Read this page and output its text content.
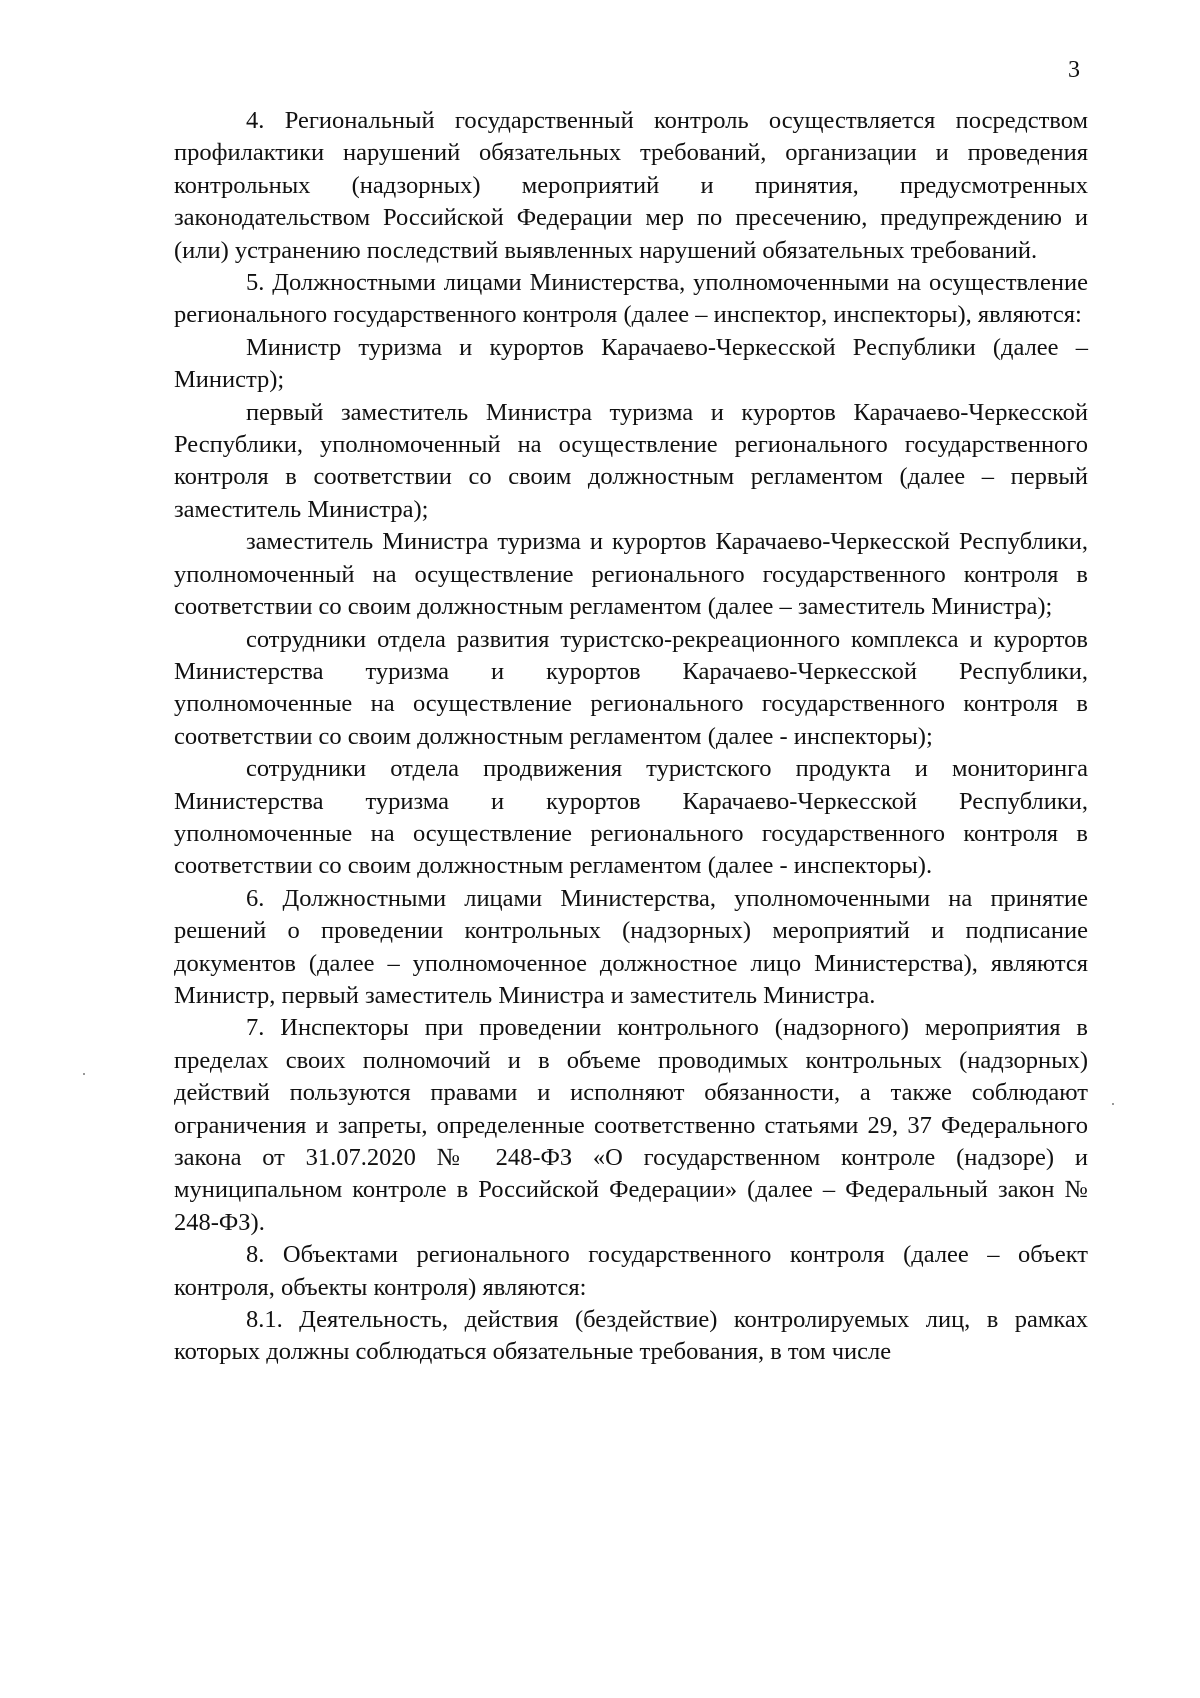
3

4. Региональный государственный контроль осуществляется посредством профилактики нарушений обязательных требований, организации и проведения контрольных (надзорных) мероприятий и принятия, предусмотренных законодательством Российской Федерации мер по пресечению, предупреждению и (или) устранению последствий выявленных нарушений обязательных требований.

5. Должностными лицами Министерства, уполномоченными на осуществление регионального государственного контроля (далее – инспектор, инспекторы), являются:

Министр туризма и курортов Карачаево-Черкесской Республики (далее – Министр);

первый заместитель Министра туризма и курортов Карачаево-Черкесской Республики, уполномоченный на осуществление регионального государственного контроля в соответствии со своим должностным регламентом (далее – первый заместитель Министра);

заместитель Министра туризма и курортов Карачаево-Черкесской Республики, уполномоченный на осуществление регионального государственного контроля в соответствии со своим должностным регламентом (далее – заместитель Министра);

сотрудники отдела развития туристско-рекреационного комплекса и курортов Министерства туризма и курортов Карачаево-Черкесской Республики, уполномоченные на осуществление регионального государственного контроля в соответствии со своим должностным регламентом (далее - инспекторы);

сотрудники отдела продвижения туристского продукта и мониторинга Министерства туризма и курортов Карачаево-Черкесской Республики, уполномоченные на осуществление регионального государственного контроля в соответствии со своим должностным регламентом (далее - инспекторы).

6. Должностными лицами Министерства, уполномоченными на принятие решений о проведении контрольных (надзорных) мероприятий и подписание документов (далее – уполномоченное должностное лицо Министерства), являются Министр, первый заместитель Министра и заместитель Министра.

7. Инспекторы при проведении контрольного (надзорного) мероприятия в пределах своих полномочий и в объеме проводимых контрольных (надзорных) действий пользуются правами и исполняют обязанности, а также соблюдают ограничения и запреты, определенные соответственно статьями 29, 37 Федерального закона от 31.07.2020 № 248-ФЗ «О государственном контроле (надзоре) и муниципальном контроле в Российской Федерации» (далее – Федеральный закон № 248-ФЗ).

8. Объектами регионального государственного контроля (далее – объект контроля, объекты контроля) являются:

8.1. Деятельность, действия (бездействие) контролируемых лиц, в рамках которых должны соблюдаться обязательные требования, в том числе
